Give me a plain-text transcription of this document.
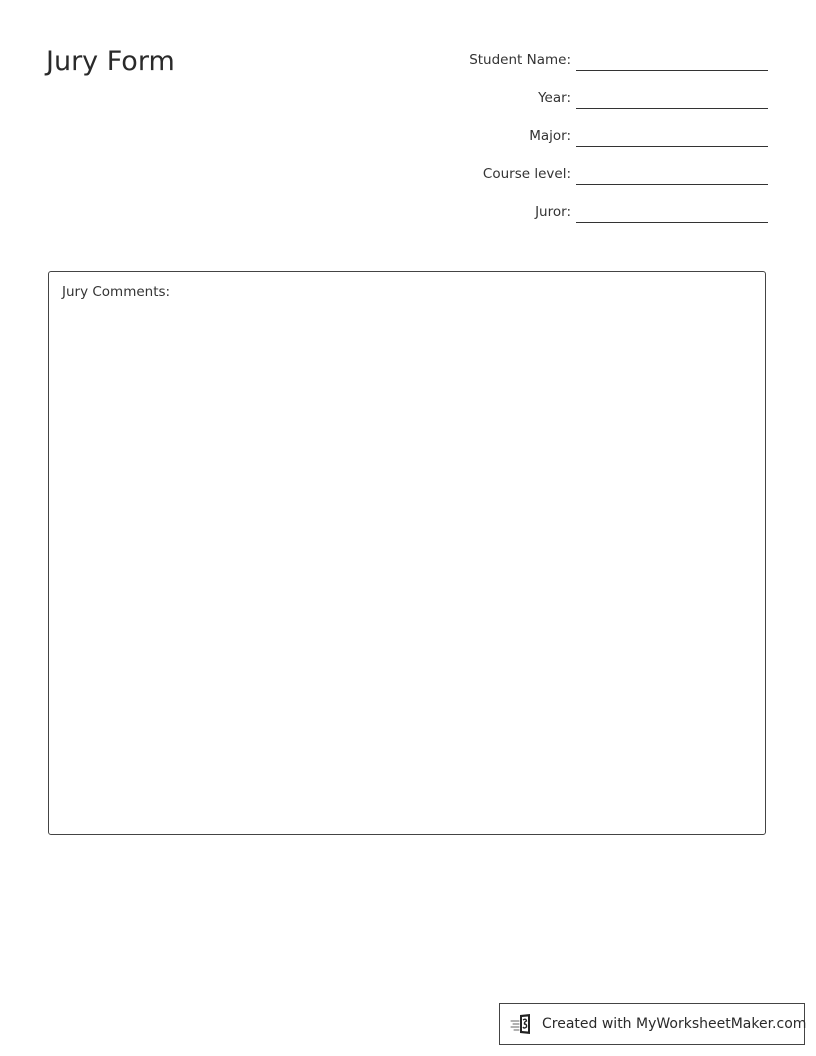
Jury Form	Student Name:
Year:
Major:
Course level:
Juror:
Jury Comments:
Created with MyWorksheetMaker.com
